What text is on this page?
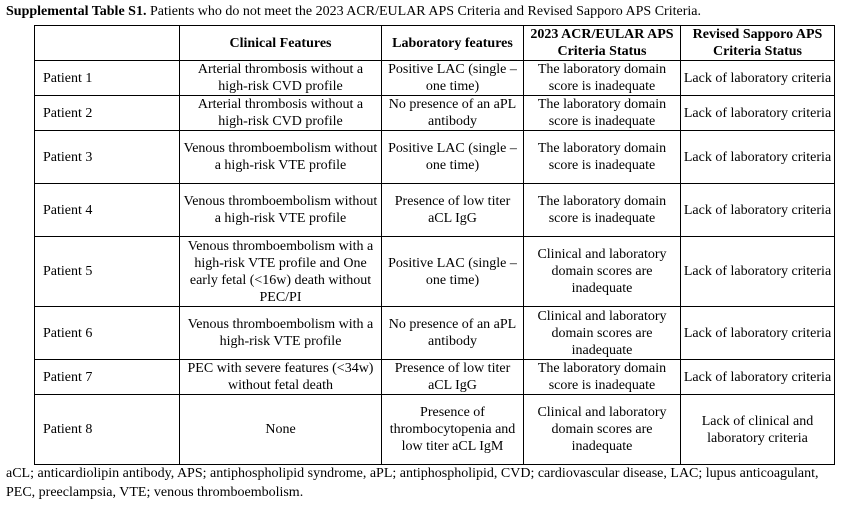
Supplemental Table S1. Patients who do not meet the 2023 ACR/EULAR APS Criteria and Revised Sapporo APS Criteria.
	Clinical Features	Laboratory features	2023 ACR/EULAR APS Criteria Status	Revised Sapporo APS Criteria Status
Patient 1	Arterial thrombosis without a high-risk CVD profile	Positive LAC (single – one time)	The laboratory domain score is inadequate	Lack of laboratory criteria
Patient 2	Arterial thrombosis without a high-risk CVD profile	No presence of an aPL antibody	The laboratory domain score is inadequate	Lack of laboratory criteria
Patient 3	Venous thromboembolism without a high-risk VTE profile	Positive LAC (single – one time)	The laboratory domain score is inadequate	Lack of laboratory criteria
Patient 4	Venous thromboembolism without a high-risk VTE profile	Presence of low titer aCL IgG	The laboratory domain score is inadequate	Lack of laboratory criteria
Patient 5	Venous thromboembolism with a high-risk VTE profile and One early fetal (<16w) death without PEC/PI	Positive LAC (single – one time)	Clinical and laboratory domain scores are inadequate	Lack of laboratory criteria
Patient 6	Venous thromboembolism with a high-risk VTE profile	No presence of an aPL antibody	Clinical and laboratory domain scores are inadequate	Lack of laboratory criteria
Patient 7	PEC with severe features (<34w) without fetal death	Presence of low titer aCL IgG	The laboratory domain score is inadequate	Lack of laboratory criteria
Patient 8	None	Presence of thrombocytopenia and low titer aCL IgM	Clinical and laboratory domain scores are inadequate	Lack of clinical and laboratory criteria
aCL; anticardiolipin antibody, APS; antiphospholipid syndrome, aPL; antiphospholipid, CVD; cardiovascular disease, LAC; lupus anticoagulant, PEC, preeclampsia, VTE; venous thromboembolism.
